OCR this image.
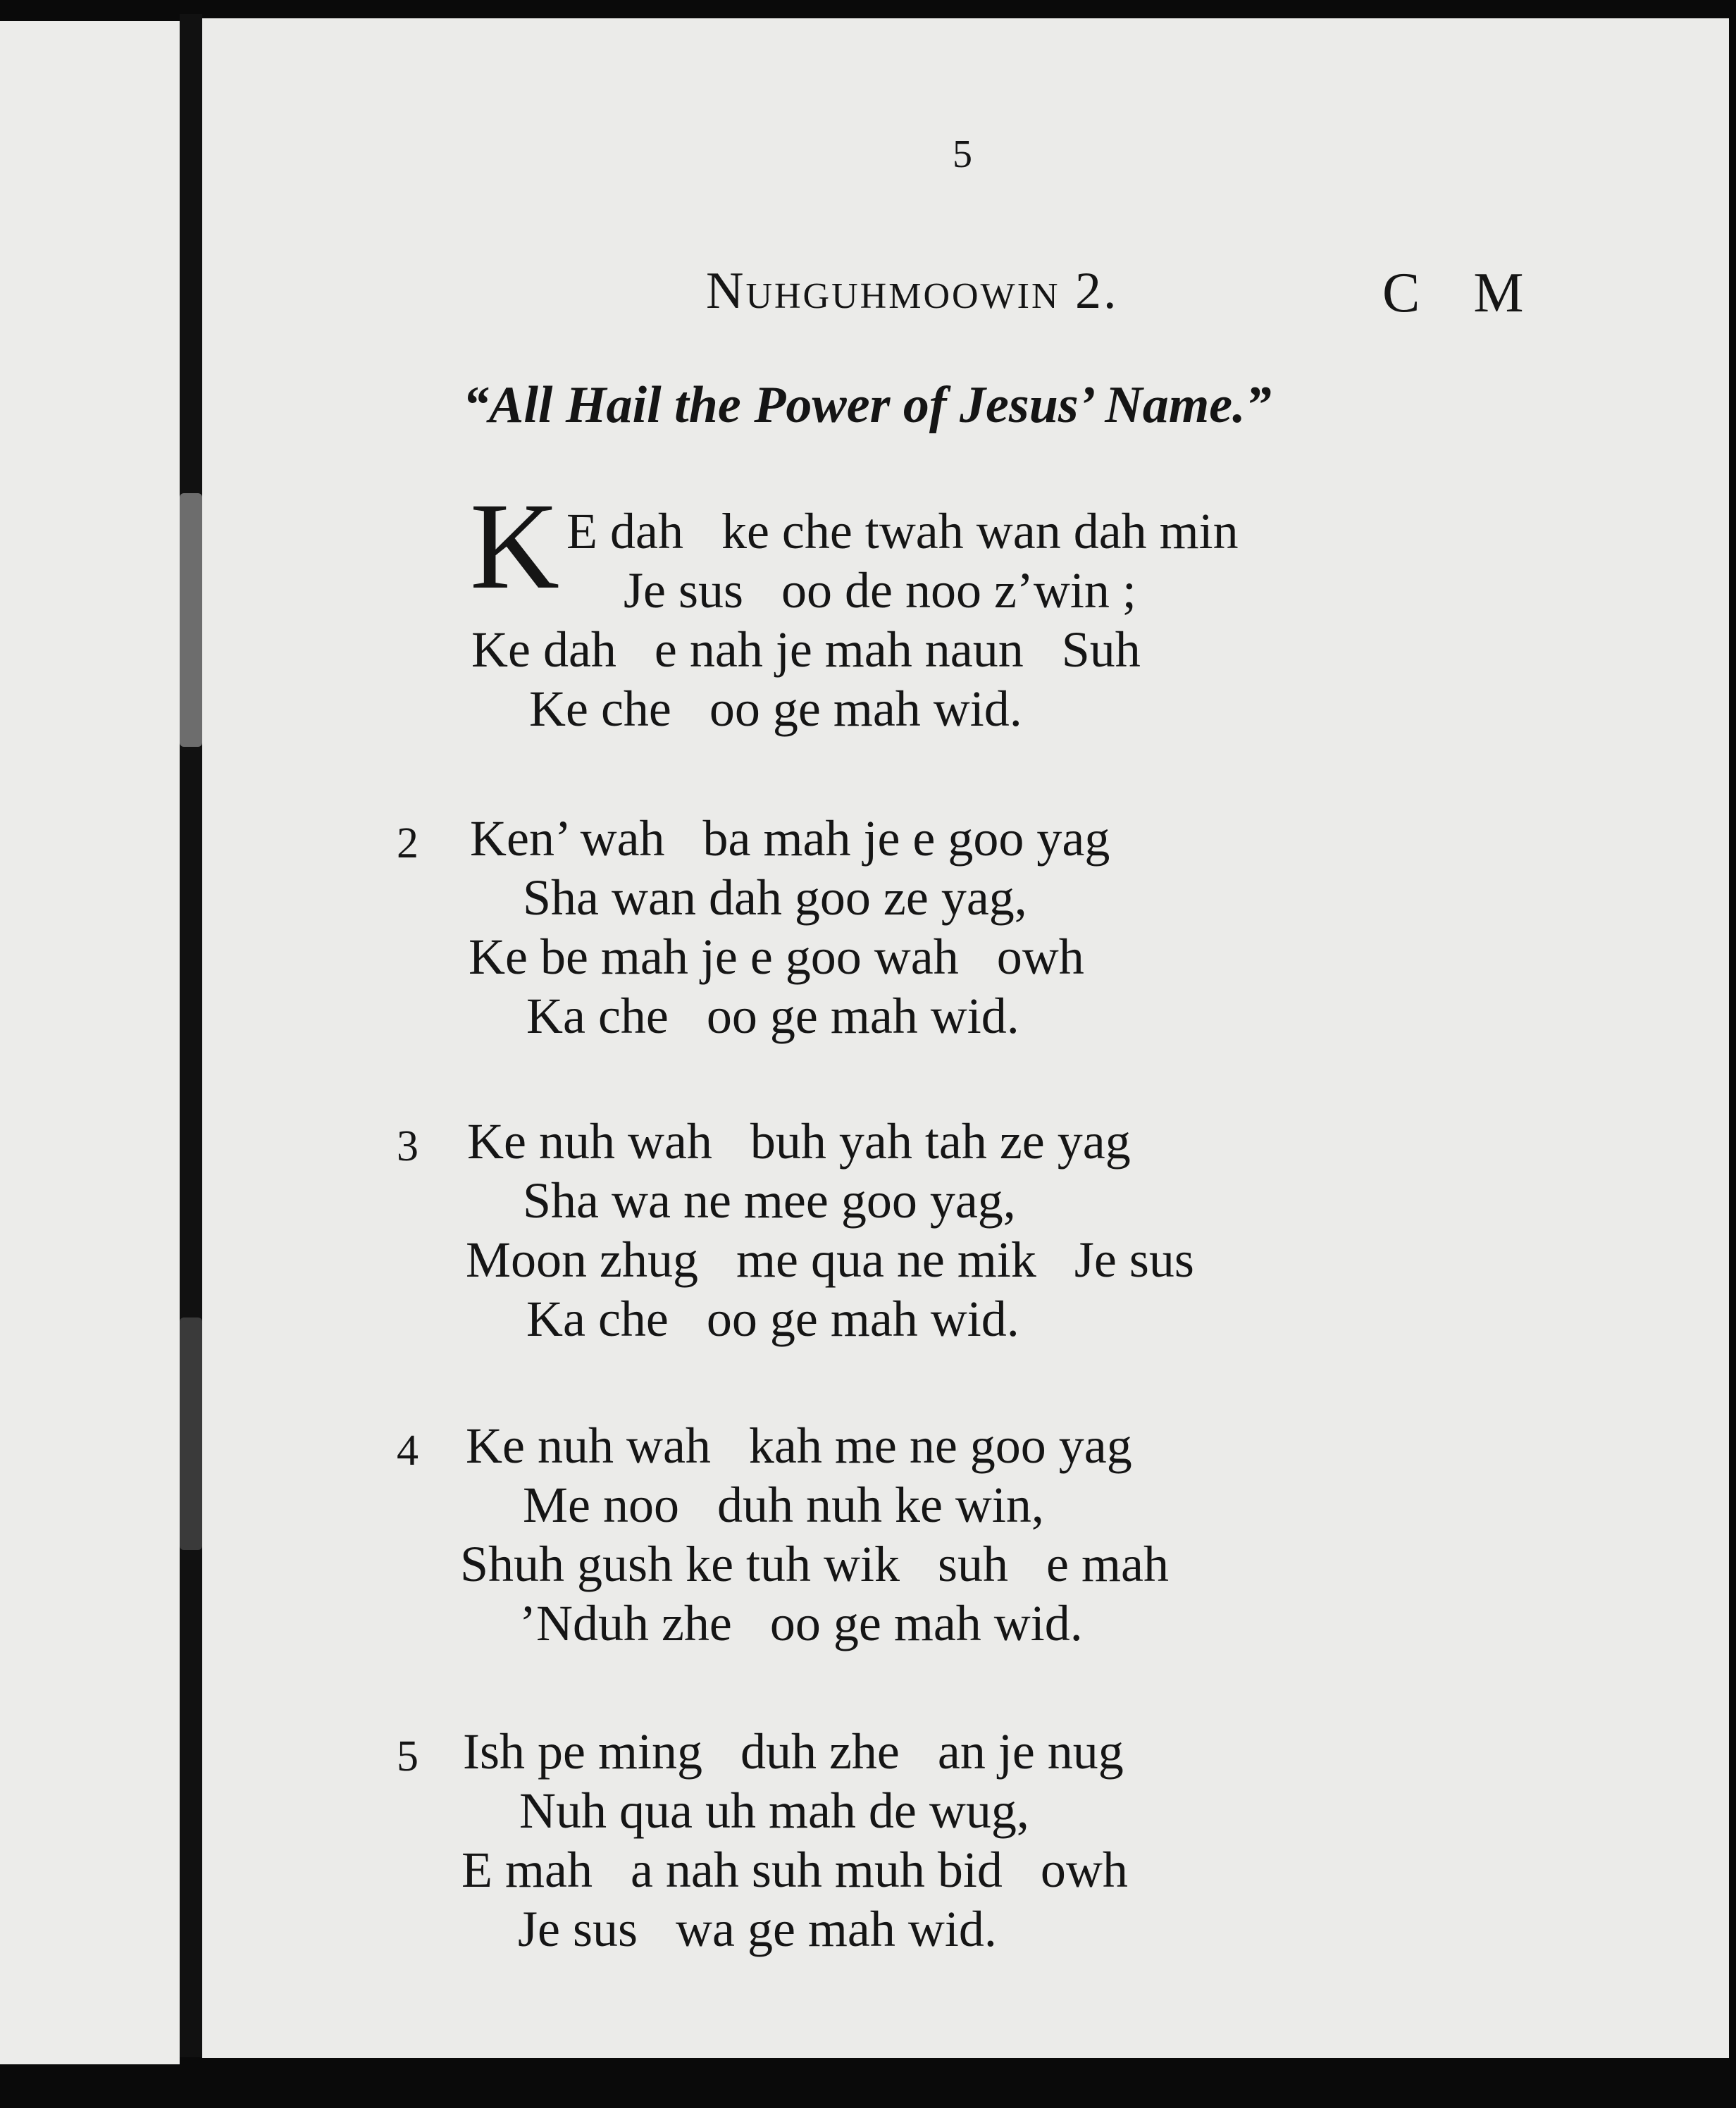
5
Nuhguhmoowin 2.	C M
“All Hail the Power of Jesus’ Name.”
K E dah   ke che twah wan dah min
Je sus   oo de noo z’win ;
Ke dah   e nah je mah naun   Suh
Ke che   oo ge mah wid.
2 Ken’ wah   ba mah je e goo yag
Sha wan dah goo ze yag,
Ke be mah je e goo wah   owh
Ka che   oo ge mah wid.
3 Ke nuh wah   buh yah tah ze yag
Sha wa ne mee goo yag,
Moon zhug   me qua ne mik   Je sus
Ka che   oo ge mah wid.
4 Ke nuh wah   kah me ne goo yag
Me noo   duh nuh ke win,
Shuh gush ke tuh wik   suh   e mah
’Nduh zhe   oo ge mah wid.
5 Ish pe ming   duh zhe   an je nug
Nuh qua uh mah de wug,
E mah   a nah suh muh bid   owh
Je sus   wa ge mah wid.
